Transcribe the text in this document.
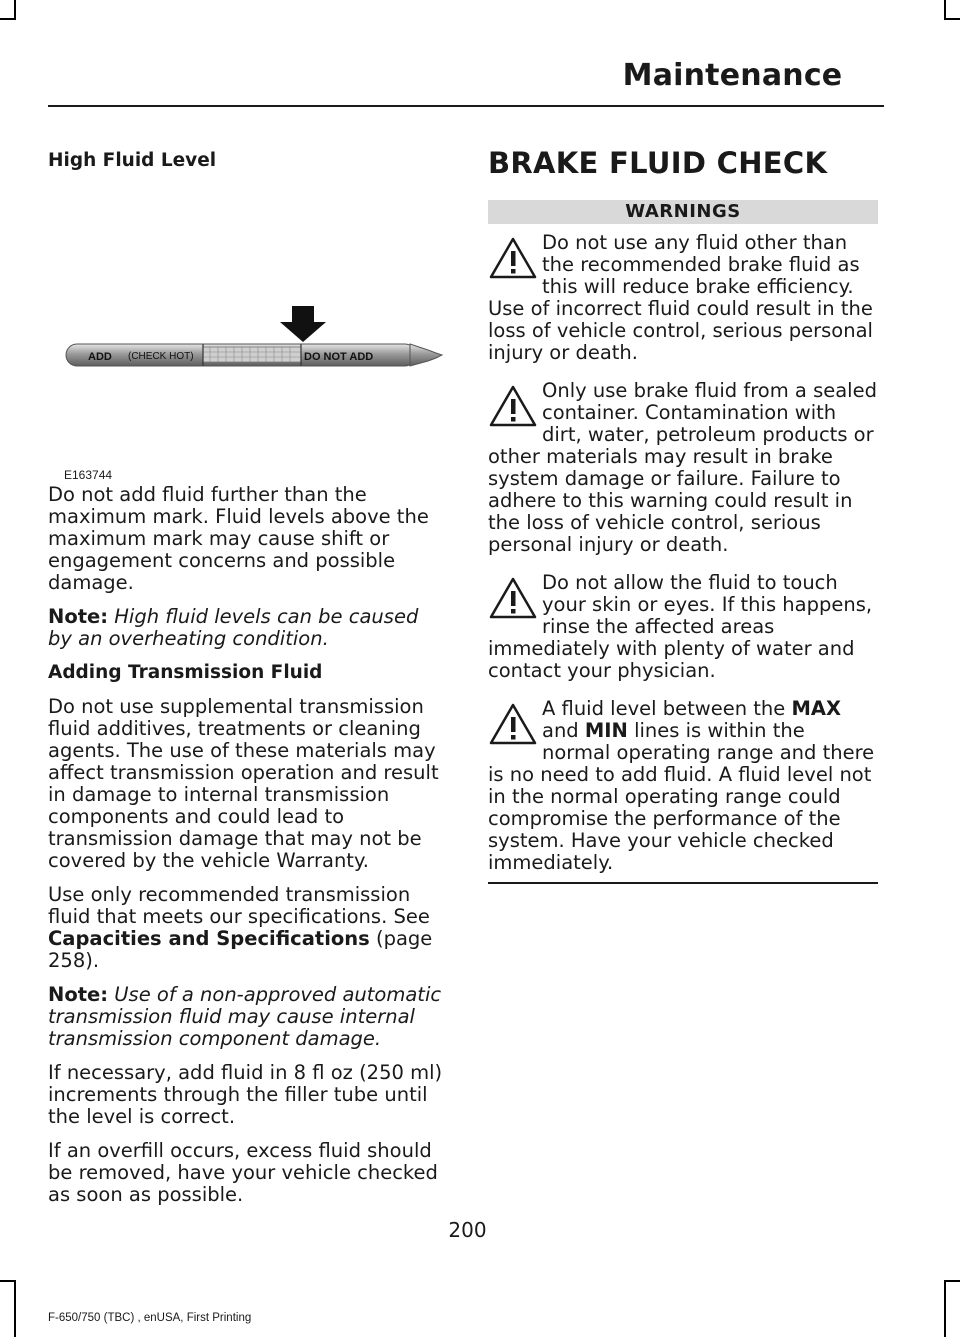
Maintenance

High Fluid Level

ADD (CHECK HOT)	DO NOT ADD
E163744

Do not add fluid further than the maximum mark. Fluid levels above the maximum mark may cause shift or engagement concerns and possible damage.

Note: High fluid levels can be caused by an overheating condition.

Adding Transmission Fluid

Do not use supplemental transmission fluid additives, treatments or cleaning agents. The use of these materials may affect transmission operation and result in damage to internal transmission components and could lead to transmission damage that may not be covered by the vehicle Warranty.

Use only recommended transmission fluid that meets our specifications. See Capacities and Specifications (page 258).

Note: Use of a non-approved automatic transmission fluid may cause internal transmission component damage.

If necessary, add fluid in 8 fl oz (250 ml) increments through the filler tube until the level is correct.

If an overfill occurs, excess fluid should be removed, have your vehicle checked as soon as possible.

BRAKE FLUID CHECK
WARNINGS

Do not use any fluid other than the recommended brake fluid as this will reduce brake efficiency. Use of incorrect fluid could result in the loss of vehicle control, serious personal injury or death.

Only use brake fluid from a sealed container. Contamination with dirt, water, petroleum products or other materials may result in brake system damage or failure. Failure to adhere to this warning could result in the loss of vehicle control, serious personal injury or death.

Do not allow the fluid to touch your skin or eyes. If this happens, rinse the affected areas immediately with plenty of water and contact your physician.

A fluid level between the MAX and MIN lines is within the normal operating range and there is no need to add fluid. A fluid level not in the normal operating range could compromise the performance of the system. Have your vehicle checked immediately.

200
F-650/750 (TBC) , enUSA, First Printing
